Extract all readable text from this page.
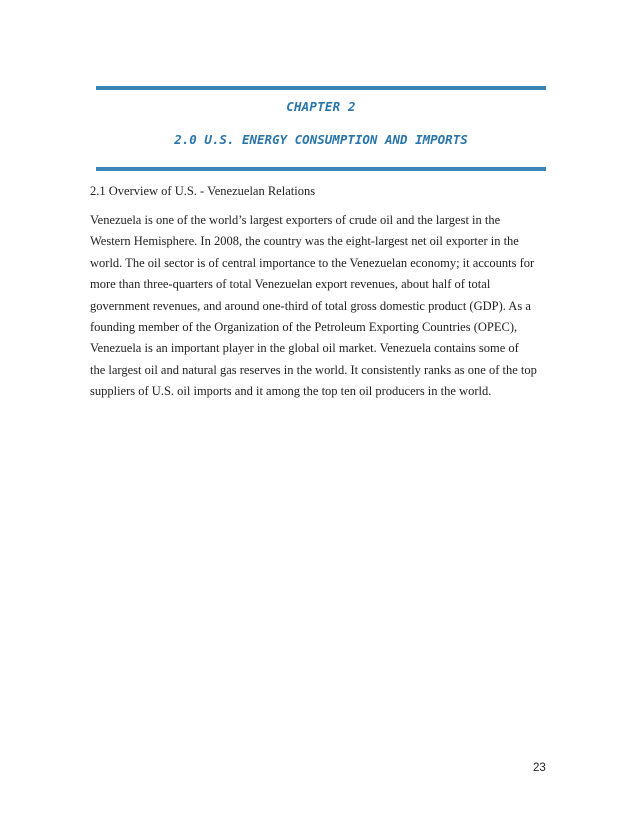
CHAPTER 2
2.0 U.S. ENERGY CONSUMPTION AND IMPORTS
2.1 Overview of U.S. - Venezuelan Relations
Venezuela is one of the world’s largest exporters of crude oil and the largest in the
Western Hemisphere. In 2008, the country was the eight-largest net oil exporter in the
world. The oil sector is of central importance to the Venezuelan economy; it accounts for
more than three-quarters of total Venezuelan export revenues, about half of total
government revenues, and around one-third of total gross domestic product (GDP). As a
founding member of the Organization of the Petroleum Exporting Countries (OPEC),
Venezuela is an important player in the global oil market. Venezuela contains some of
the largest oil and natural gas reserves in the world. It consistently ranks as one of the top
suppliers of U.S. oil imports and it among the top ten oil producers in the world.
23
